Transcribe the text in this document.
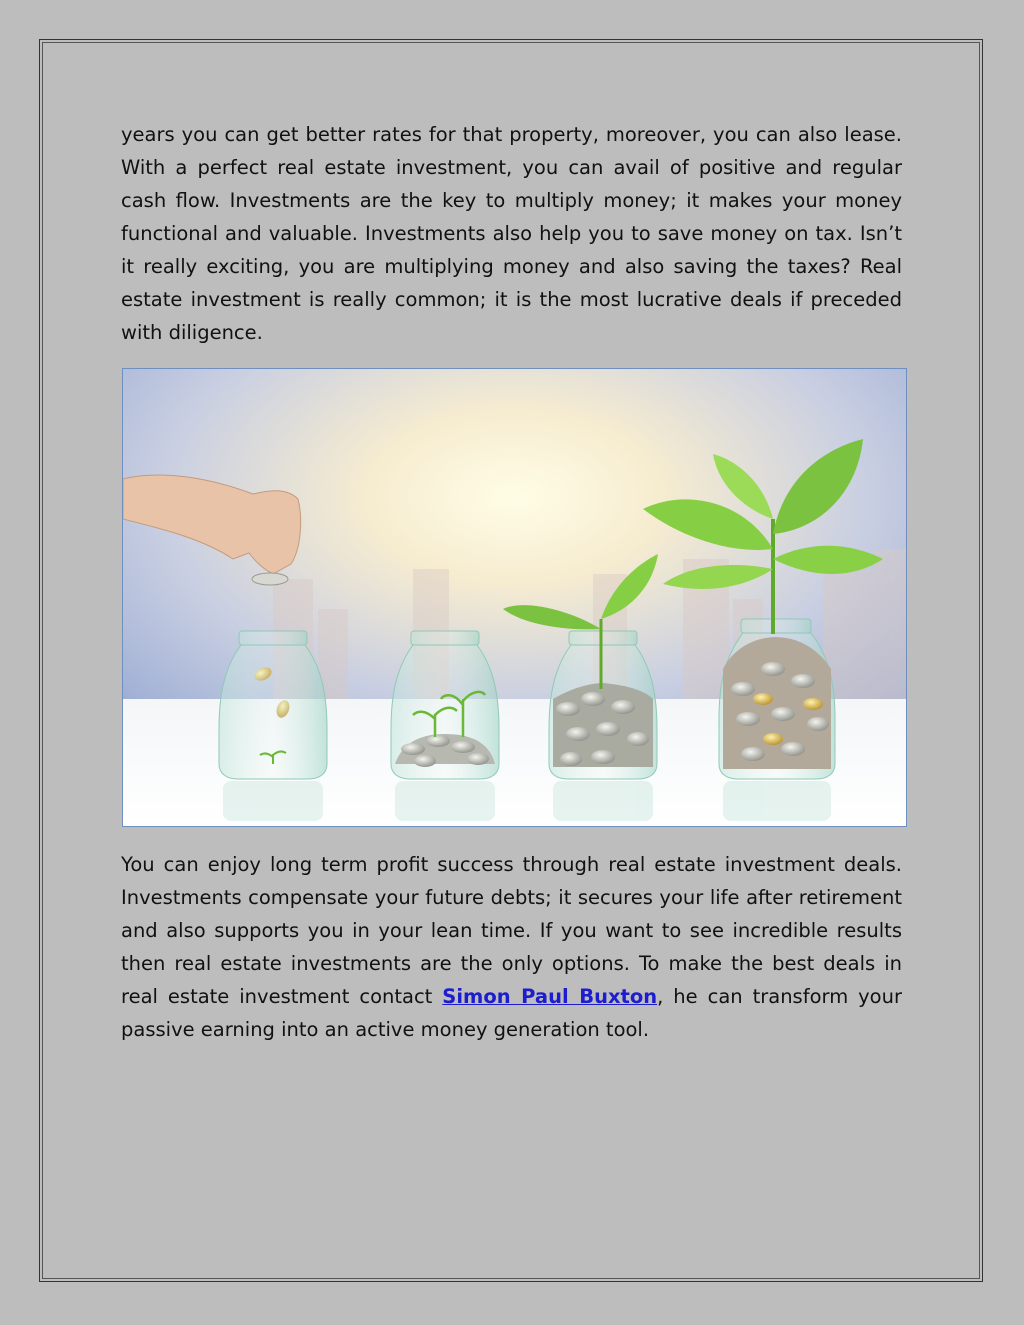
years you can get better rates for that property, moreover, you can also lease. With a perfect real estate investment, you can avail of positive and regular cash flow. Investments are the key to multiply money; it makes your money functional and valuable. Investments also help you to save money on tax. Isn’t it really exciting, you are multiplying money and also saving the taxes? Real estate investment is really common; it is the most lucrative deals if preceded with diligence.

You can enjoy long term profit success through real estate investment deals. Investments compensate your future debts; it secures your life after retirement and also supports you in your lean time. If you want to see incredible results then real estate investments are the only options. To make the best deals in real estate investment contact Simon Paul Buxton, he can transform your passive earning into an active money generation tool.
